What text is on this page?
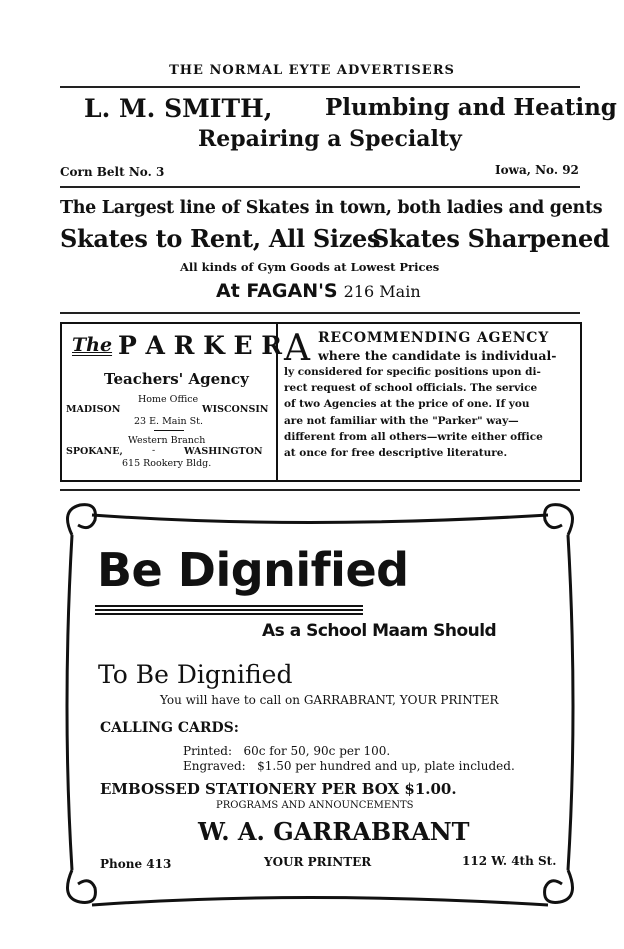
THE NORMAL EYTE ADVERTISERS
L. M. SMITH, Plumbing and Heating
Repairing a Specialty
Corn Belt No. 3	Iowa, No. 92
The Largest line of Skates in town, both ladies and gents
Skates to Rent, All Sizes
Skates Sharpened
All kinds of Gym Goods at Lowest Prices
At FAGAN'S 216 Main
The P A R K E R
Teachers' Agency
Home Office
MADISON	WISCONSIN
23 E. Main St.
Western Branch
SPOKANE,	-	WASHINGTON
615 Rookery Bldg.
A RECOMMENDING AGENCY
where the candidate is individual-
ly considered for specific positions upon di-
rect request of school officials. The service
of two Agencies at the price of one. If you
are not familiar with the "Parker" way—
different from all others—write either office
at once for free descriptive literature.
Be Dignified
As a School Maam Should
To Be Dignified
You will have to call on GARRABRANT, YOUR PRINTER
CALLING CARDS:
Printed:   60c for 50, 90c per 100.
Engraved:   $1.50 per hundred and up, plate included.
EMBOSSED STATIONERY PER BOX $1.00.
PROGRAMS AND ANNOUNCEMENTS
W. A. GARRABRANT
Phone 413	YOUR PRINTER	112 W. 4th St.
